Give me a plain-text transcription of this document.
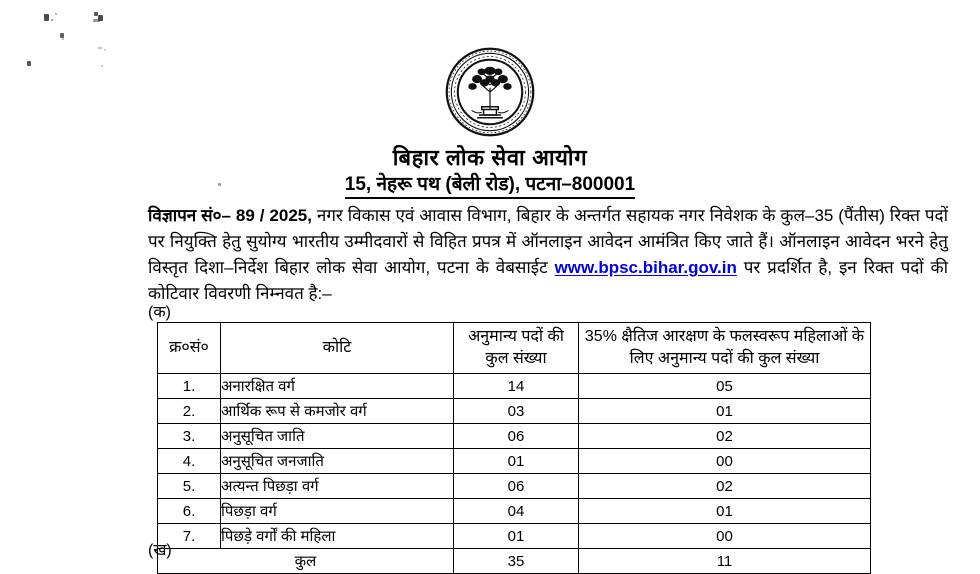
बिहार लोक सेवा आयोग
15, नेहरू पथ (बेली रोड), पटना–800001
विज्ञापन सं०– 89 / 2025, नगर विकास एवं आवास विभाग, बिहार के अन्तर्गत सहायक नगर निवेशक के कुल–35 (पैंतीस) रिक्त पदों पर नियुक्ति हेतु सुयोग्य भारतीय उम्मीदवारों से विहित प्रपत्र में ऑनलाइन आवेदन आमंत्रित किए जाते हैं। ऑनलाइन आवेदन भरने हेतु विस्तृत दिशा–निर्देश बिहार लोक सेवा आयोग, पटना के वेबसाईट www.bpsc.bihar.gov.in पर प्रदर्शित है, इन रिक्त पदों की कोटिवार विवरणी निम्नवत है:–
(क)
क्र०सं०	कोटि	अनुमान्य पदों की कुल संख्या	35% क्षैतिज आरक्षण के फलस्वरूप महिलाओं के लिए अनुमान्य पदों की कुल संख्या
1.	अनारक्षित वर्ग	14	05
2.	आर्थिक रूप से कमजोर वर्ग	03	01
3.	अनुसूचित जाति	06	02
4.	अनुसूचित जनजाति	01	00
5.	अत्यन्त पिछड़ा वर्ग	06	02
6.	पिछड़ा वर्ग	04	01
7.	पिछड़े वर्गों की महिला	01	00
कुल		35	11
(ख)
